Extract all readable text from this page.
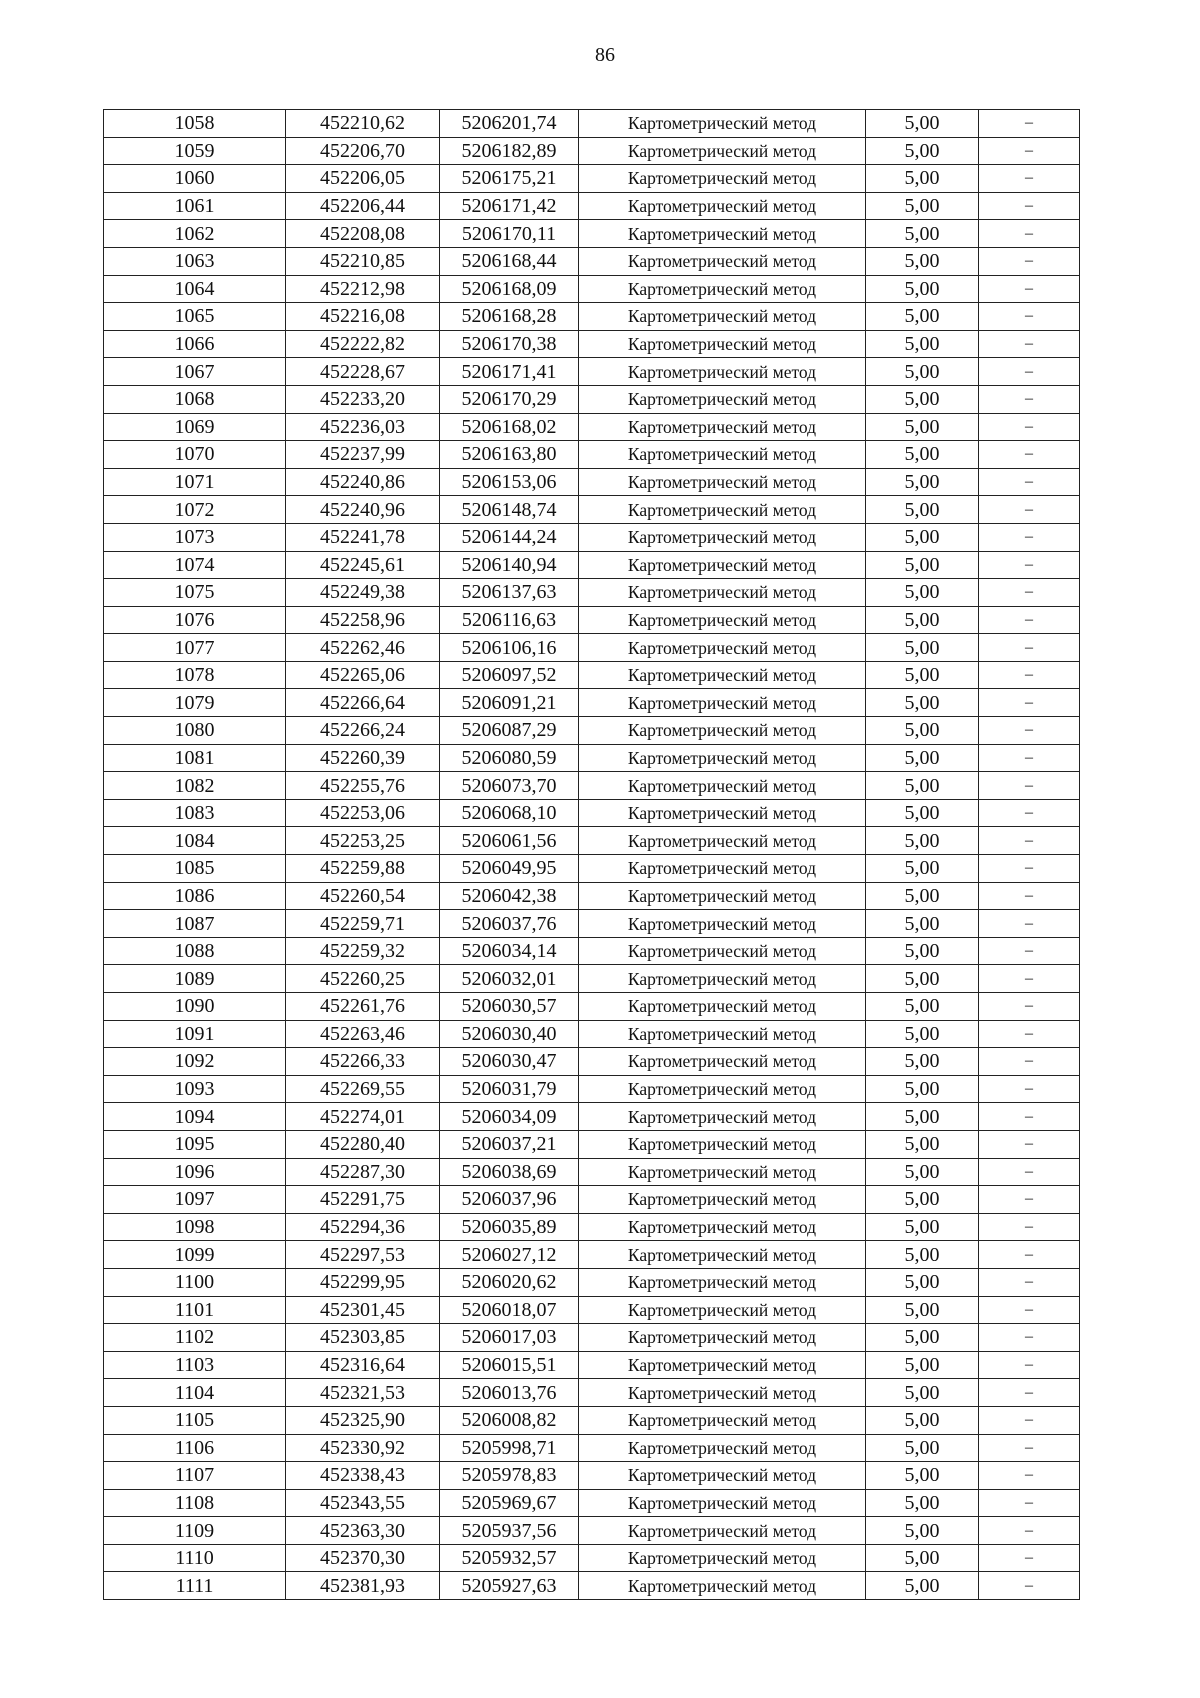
86
1058	452210,62	5206201,74	Картометрический метод	5,00	–
1059	452206,70	5206182,89	Картометрический метод	5,00	–
1060	452206,05	5206175,21	Картометрический метод	5,00	–
1061	452206,44	5206171,42	Картометрический метод	5,00	–
1062	452208,08	5206170,11	Картометрический метод	5,00	–
1063	452210,85	5206168,44	Картометрический метод	5,00	–
1064	452212,98	5206168,09	Картометрический метод	5,00	–
1065	452216,08	5206168,28	Картометрический метод	5,00	–
1066	452222,82	5206170,38	Картометрический метод	5,00	–
1067	452228,67	5206171,41	Картометрический метод	5,00	–
1068	452233,20	5206170,29	Картометрический метод	5,00	–
1069	452236,03	5206168,02	Картометрический метод	5,00	–
1070	452237,99	5206163,80	Картометрический метод	5,00	–
1071	452240,86	5206153,06	Картометрический метод	5,00	–
1072	452240,96	5206148,74	Картометрический метод	5,00	–
1073	452241,78	5206144,24	Картометрический метод	5,00	–
1074	452245,61	5206140,94	Картометрический метод	5,00	–
1075	452249,38	5206137,63	Картометрический метод	5,00	–
1076	452258,96	5206116,63	Картометрический метод	5,00	–
1077	452262,46	5206106,16	Картометрический метод	5,00	–
1078	452265,06	5206097,52	Картометрический метод	5,00	–
1079	452266,64	5206091,21	Картометрический метод	5,00	–
1080	452266,24	5206087,29	Картометрический метод	5,00	–
1081	452260,39	5206080,59	Картометрический метод	5,00	–
1082	452255,76	5206073,70	Картометрический метод	5,00	–
1083	452253,06	5206068,10	Картометрический метод	5,00	–
1084	452253,25	5206061,56	Картометрический метод	5,00	–
1085	452259,88	5206049,95	Картометрический метод	5,00	–
1086	452260,54	5206042,38	Картометрический метод	5,00	–
1087	452259,71	5206037,76	Картометрический метод	5,00	–
1088	452259,32	5206034,14	Картометрический метод	5,00	–
1089	452260,25	5206032,01	Картометрический метод	5,00	–
1090	452261,76	5206030,57	Картометрический метод	5,00	–
1091	452263,46	5206030,40	Картометрический метод	5,00	–
1092	452266,33	5206030,47	Картометрический метод	5,00	–
1093	452269,55	5206031,79	Картометрический метод	5,00	–
1094	452274,01	5206034,09	Картометрический метод	5,00	–
1095	452280,40	5206037,21	Картометрический метод	5,00	–
1096	452287,30	5206038,69	Картометрический метод	5,00	–
1097	452291,75	5206037,96	Картометрический метод	5,00	–
1098	452294,36	5206035,89	Картометрический метод	5,00	–
1099	452297,53	5206027,12	Картометрический метод	5,00	–
1100	452299,95	5206020,62	Картометрический метод	5,00	–
1101	452301,45	5206018,07	Картометрический метод	5,00	–
1102	452303,85	5206017,03	Картометрический метод	5,00	–
1103	452316,64	5206015,51	Картометрический метод	5,00	–
1104	452321,53	5206013,76	Картометрический метод	5,00	–
1105	452325,90	5206008,82	Картометрический метод	5,00	–
1106	452330,92	5205998,71	Картометрический метод	5,00	–
1107	452338,43	5205978,83	Картометрический метод	5,00	–
1108	452343,55	5205969,67	Картометрический метод	5,00	–
1109	452363,30	5205937,56	Картометрический метод	5,00	–
1110	452370,30	5205932,57	Картометрический метод	5,00	–
1111	452381,93	5205927,63	Картометрический метод	5,00	–
